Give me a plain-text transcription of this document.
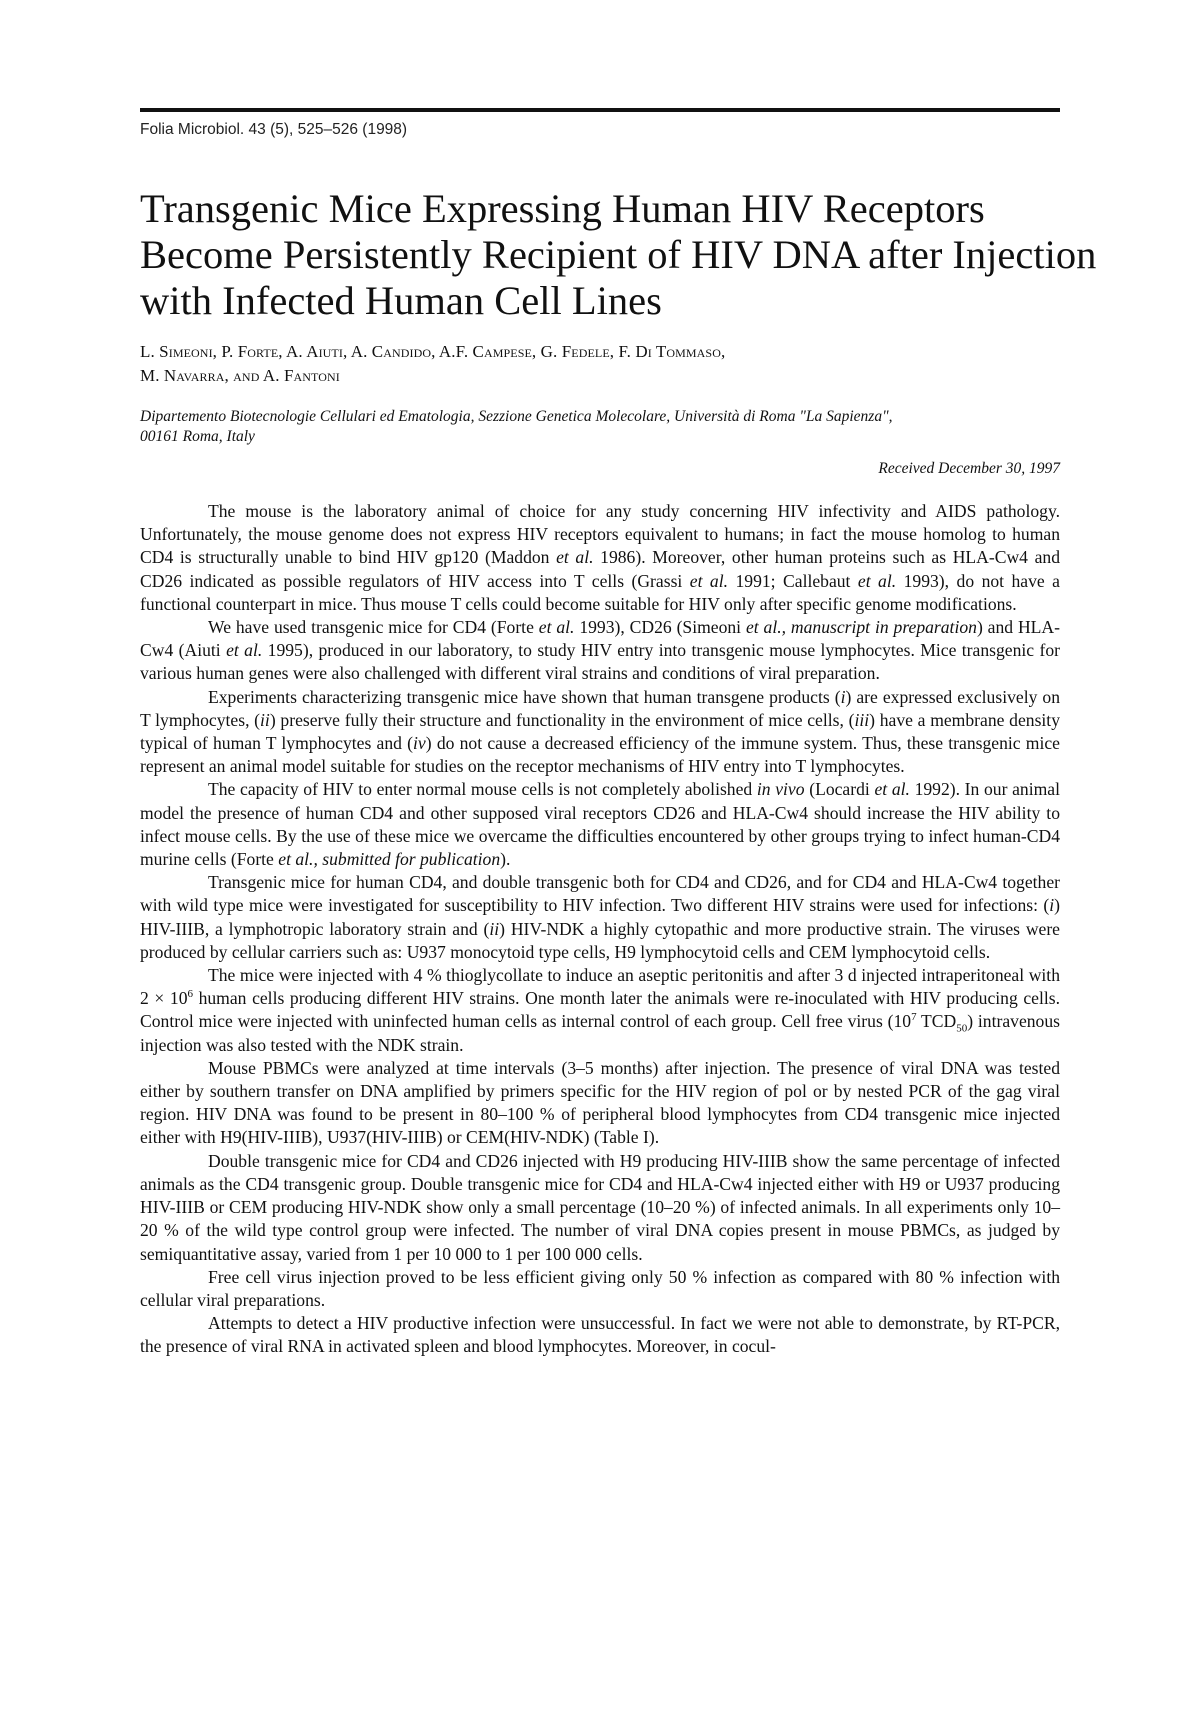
Folia Microbiol. 43 (5), 525–526 (1998)
Transgenic Mice Expressing Human HIV Receptors
Become Persistently Recipient of HIV DNA after Injection
with Infected Human Cell Lines
L. Simeoni, P. Forte, A. Aiuti, A. Candido, A.F. Campese, G. Fedele, F. Di Tommaso,
M. Navarra, and A. Fantoni
Dipartemento Biotecnologie Cellulari ed Ematologia, Sezzione Genetica Molecolare, Università di Roma "La Sapienza",
00161 Roma, Italy
Received December 30, 1997

The mouse is the laboratory animal of choice for any study concerning HIV infectivity and AIDS pathology. Unfortunately, the mouse genome does not express HIV receptors equivalent to humans; in fact the mouse homolog to human CD4 is structurally unable to bind HIV gp120 (Maddon et al. 1986). Moreover, other human proteins such as HLA-Cw4 and CD26 indicated as possible regulators of HIV access into T cells (Grassi et al. 1991; Callebaut et al. 1993), do not have a functional counterpart in mice. Thus mouse T cells could become suitable for HIV only after specific genome modifications.

We have used transgenic mice for CD4 (Forte et al. 1993), CD26 (Simeoni et al., manuscript in preparation) and HLA-Cw4 (Aiuti et al. 1995), produced in our laboratory, to study HIV entry into transgenic mouse lymphocytes. Mice transgenic for various human genes were also challenged with different viral strains and conditions of viral preparation.

Experiments characterizing transgenic mice have shown that human transgene products (i) are expressed exclusively on T lymphocytes, (ii) preserve fully their structure and functionality in the environment of mice cells, (iii) have a membrane density typical of human T lymphocytes and (iv) do not cause a decreased efficiency of the immune system. Thus, these transgenic mice represent an animal model suitable for studies on the receptor mechanisms of HIV entry into T lymphocytes.

The capacity of HIV to enter normal mouse cells is not completely abolished in vivo (Locardi et al. 1992). In our animal model the presence of human CD4 and other supposed viral receptors CD26 and HLA-Cw4 should increase the HIV ability to infect mouse cells. By the use of these mice we overcame the difficulties encountered by other groups trying to infect human-CD4 murine cells (Forte et al., submitted for publication).

Transgenic mice for human CD4, and double transgenic both for CD4 and CD26, and for CD4 and HLA-Cw4 together with wild type mice were investigated for susceptibility to HIV infection. Two different HIV strains were used for infections: (i) HIV-IIIB, a lymphotropic laboratory strain and (ii) HIV-NDK a highly cytopathic and more productive strain. The viruses were produced by cellular carriers such as: U937 monocytoid type cells, H9 lymphocytoid cells and CEM lymphocytoid cells.

The mice were injected with 4 % thioglycollate to induce an aseptic peritonitis and after 3 d injected intraperitoneal with $2 \times 10^6$ human cells producing different HIV strains. One month later the animals were re-inoculated with HIV producing cells. Control mice were injected with uninfected human cells as internal control of each group. Cell free virus ($10^7$ $TCD_{50}$) intravenous injection was also tested with the NDK strain.

Mouse PBMCs were analyzed at time intervals (3–5 months) after injection. The presence of viral DNA was tested either by southern transfer on DNA amplified by primers specific for the HIV region of pol or by nested PCR of the gag viral region. HIV DNA was found to be present in 80–100 % of peripheral blood lymphocytes from CD4 transgenic mice injected either with H9(HIV-IIIB), U937(HIV-IIIB) or CEM(HIV-NDK) (Table I).

Double transgenic mice for CD4 and CD26 injected with H9 producing HIV-IIIB show the same percentage of infected animals as the CD4 transgenic group. Double transgenic mice for CD4 and HLA-Cw4 injected either with H9 or U937 producing HIV-IIIB or CEM producing HIV-NDK show only a small percentage (10–20 %) of infected animals. In all experiments only 10–20 % of the wild type control group were infected. The number of viral DNA copies present in mouse PBMCs, as judged by semiquantitative assay, varied from 1 per 10 000 to 1 per 100 000 cells.

Free cell virus injection proved to be less efficient giving only 50 % infection as compared with 80 % infection with cellular viral preparations.

Attempts to detect a HIV productive infection were unsuccessful. In fact we were not able to demonstrate, by RT-PCR, the presence of viral RNA in activated spleen and blood lymphocytes. Moreover, in cocul-
